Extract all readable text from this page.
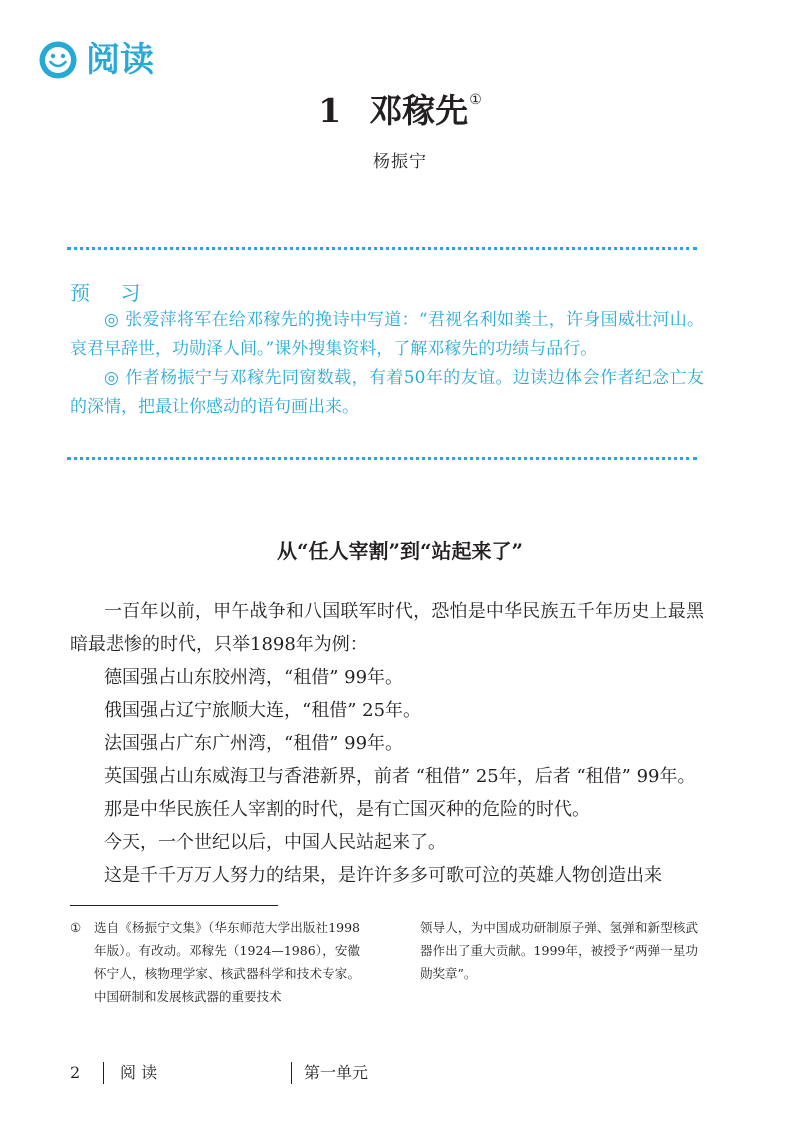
阅读
1 邓稼先①
杨振宁
预 习

◎ 张爱萍将军在给邓稼先的挽诗中写道：“君视名利如粪土，许身国威壮河山。哀君早辞世，功勋泽人间。”课外搜集资料，了解邓稼先的功绩与品行。

◎ 作者杨振宁与邓稼先同窗数载，有着50年的友谊。边读边体会作者纪念亡友的深情，把最让你感动的语句画出来。

从“任人宰割”到“站起来了”

一百年以前，甲午战争和八国联军时代，恐怕是中华民族五千年历史上最黑暗最悲惨的时代，只举1898年为例：

德国强占山东胶州湾，“租借” 99年。

俄国强占辽宁旅顺大连，“租借” 25年。

法国强占广东广州湾，“租借” 99年。

英国强占山东威海卫与香港新界，前者 “租借” 25年，后者 “租借” 99年。

那是中华民族任人宰割的时代，是有亡国灭种的危险的时代。

今天，一个世纪以后，中国人民站起来了。

这是千千万万人努力的结果，是许许多多可歌可泣的英雄人物创造出来

① 选自《杨振宁文集》（华东师范大学出版社1998年版）。有改动。邓稼先（1924—1986），安徽怀宁人，核物理学家、核武器科学和技术专家。中国研制和发展核武器的重要技术
领导人，为中国成功研制原子弹、氢弹和新型核武器作出了重大贡献。1999年，被授予“两弹一星功勋奖章”。
2 阅 读	第一单元
